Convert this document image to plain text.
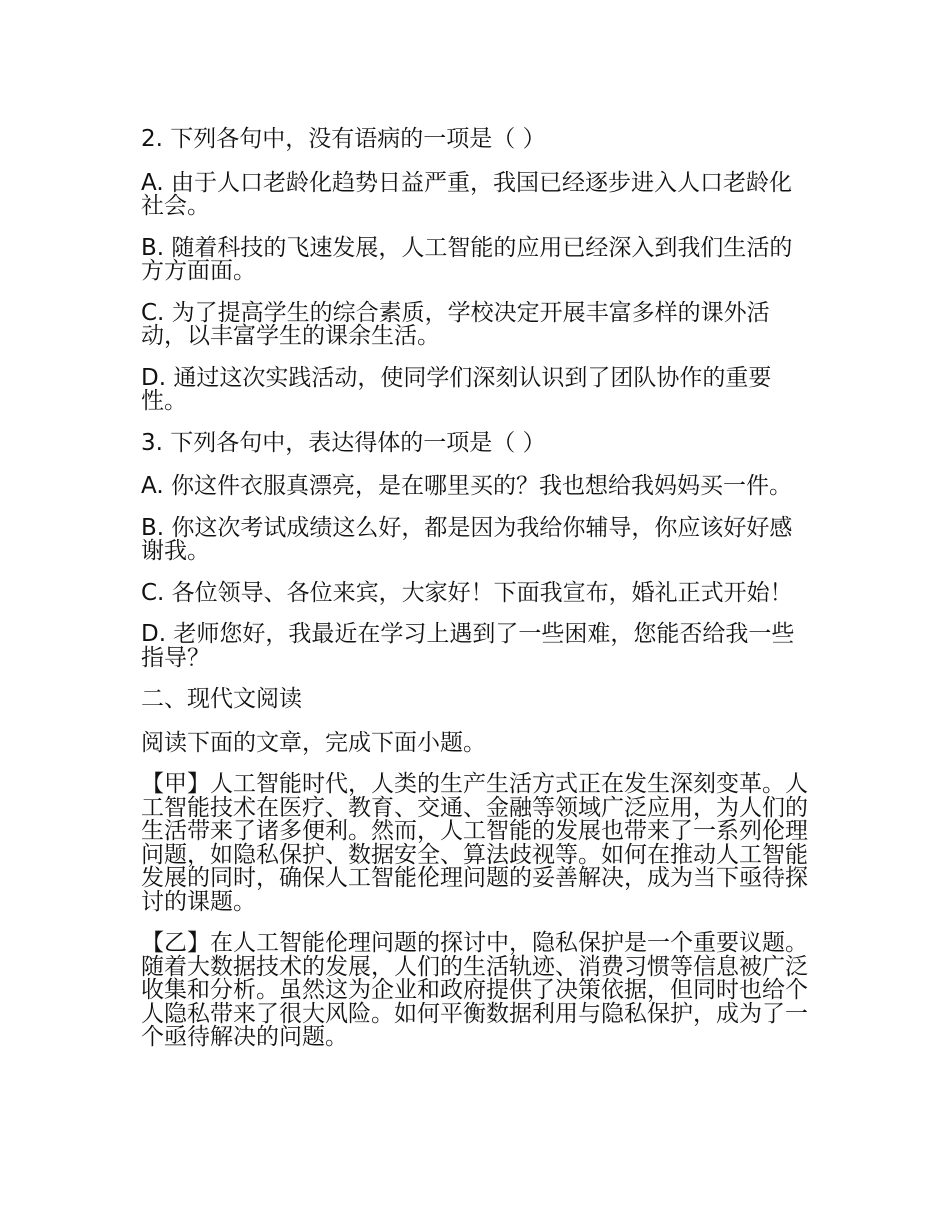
2. 下列各句中，没有语病的一项是（ ）

A. 由于人口老龄化趋势日益严重，我国已经逐步进入人口老龄化社会。

B. 随着科技的飞速发展，人工智能的应用已经深入到我们生活的方方面面。

C. 为了提高学生的综合素质，学校决定开展丰富多样的课外活动，以丰富学生的课余生活。

D. 通过这次实践活动，使同学们深刻认识到了团队协作的重要性。

3. 下列各句中，表达得体的一项是（ ）

A. 你这件衣服真漂亮，是在哪里买的？我也想给我妈妈买一件。

B. 你这次考试成绩这么好，都是因为我给你辅导，你应该好好感谢我。

C. 各位领导、各位来宾，大家好！下面我宣布，婚礼正式开始！

D. 老师您好，我最近在学习上遇到了一些困难，您能否给我一些指导？

二、现代文阅读

阅读下面的文章，完成下面小题。

【甲】人工智能时代，人类的生产生活方式正在发生深刻变革。人工智能技术在医疗、教育、交通、金融等领域广泛应用，为人们的生活带来了诸多便利。然而，人工智能的发展也带来了一系列伦理问题，如隐私保护、数据安全、算法歧视等。如何在推动人工智能发展的同时，确保人工智能伦理问题的妥善解决，成为当下亟待探讨的课题。

【乙】在人工智能伦理问题的探讨中，隐私保护是一个重要议题。随着大数据技术的发展，人们的生活轨迹、消费习惯等信息被广泛收集和分析。虽然这为企业和政府提供了决策依据，但同时也给个人隐私带来了很大风险。如何平衡数据利用与隐私保护，成为了一个亟待解决的问题。
